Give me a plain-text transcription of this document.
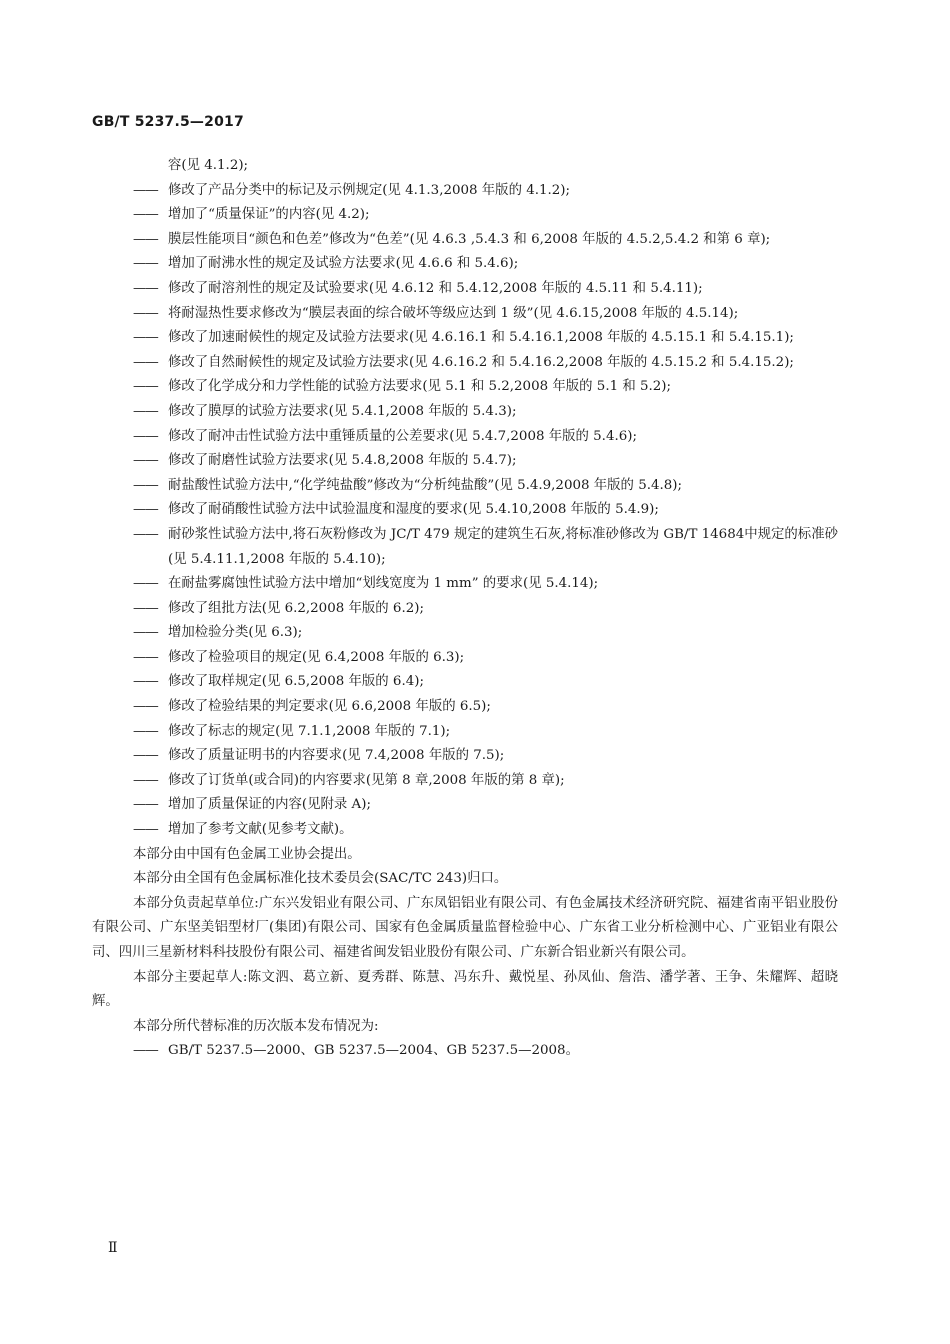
GB/T 5237.5—2017
容(见 4.1.2);
—— 修改了产品分类中的标记及示例规定(见 4.1.3,2008 年版的 4.1.2);
—— 增加了“质量保证”的内容(见 4.2);
—— 膜层性能项目“颜色和色差”修改为“色差”(见 4.6.3 ,5.4.3 和 6,2008 年版的 4.5.2,5.4.2 和第 6 章);
—— 增加了耐沸水性的规定及试验方法要求(见 4.6.6 和 5.4.6);
—— 修改了耐溶剂性的规定及试验要求(见 4.6.12 和 5.4.12,2008 年版的 4.5.11 和 5.4.11);
—— 将耐湿热性要求修改为“膜层表面的综合破坏等级应达到 1 级”(见 4.6.15,2008 年版的 4.5.14);
—— 修改了加速耐候性的规定及试验方法要求(见 4.6.16.1 和 5.4.16.1,2008 年版的 4.5.15.1 和 5.4.15.1);
—— 修改了自然耐候性的规定及试验方法要求(见 4.6.16.2 和 5.4.16.2,2008 年版的 4.5.15.2 和 5.4.15.2);
—— 修改了化学成分和力学性能的试验方法要求(见 5.1 和 5.2,2008 年版的 5.1 和 5.2);
—— 修改了膜厚的试验方法要求(见 5.4.1,2008 年版的 5.4.3);
—— 修改了耐冲击性试验方法中重锤质量的公差要求(见 5.4.7,2008 年版的 5.4.6);
—— 修改了耐磨性试验方法要求(见 5.4.8,2008 年版的 5.4.7);
—— 耐盐酸性试验方法中,“化学纯盐酸”修改为“分析纯盐酸”(见 5.4.9,2008 年版的 5.4.8);
—— 修改了耐硝酸性试验方法中试验温度和湿度的要求(见 5.4.10,2008 年版的 5.4.9);
—— 耐砂浆性试验方法中,将石灰粉修改为 JC/T 479 规定的建筑生石灰,将标准砂修改为 GB/T 14684中规定的标准砂(见 5.4.11.1,2008 年版的 5.4.10);
—— 在耐盐雾腐蚀性试验方法中增加“划线宽度为 1 mm” 的要求(见 5.4.14);
—— 修改了组批方法(见 6.2,2008 年版的 6.2);
—— 增加检验分类(见 6.3);
—— 修改了检验项目的规定(见 6.4,2008 年版的 6.3);
—— 修改了取样规定(见 6.5,2008 年版的 6.4);
—— 修改了检验结果的判定要求(见 6.6,2008 年版的 6.5);
—— 修改了标志的规定(见 7.1.1,2008 年版的 7.1);
—— 修改了质量证明书的内容要求(见 7.4,2008 年版的 7.5);
—— 修改了订货单(或合同)的内容要求(见第 8 章,2008 年版的第 8 章);
—— 增加了质量保证的内容(见附录 A);
—— 增加了参考文献(见参考文献)。
本部分由中国有色金属工业协会提出。
本部分由全国有色金属标准化技术委员会(SAC/TC 243)归口。
本部分负责起草单位:广东兴发铝业有限公司、广东凤铝铝业有限公司、有色金属技术经济研究院、福建省南平铝业股份有限公司、广东坚美铝型材厂(集团)有限公司、国家有色金属质量监督检验中心、广东省工业分析检测中心、广亚铝业有限公司、四川三星新材料科技股份有限公司、福建省闽发铝业股份有限公司、广东新合铝业新兴有限公司。
本部分主要起草人:陈文泗、葛立新、夏秀群、陈慧、冯东升、戴悦星、孙凤仙、詹浩、潘学著、王争、朱耀辉、超晓辉。
本部分所代替标准的历次版本发布情况为:
—— GB/T 5237.5—2000、GB 5237.5—2004、GB 5237.5—2008。
Ⅱ
